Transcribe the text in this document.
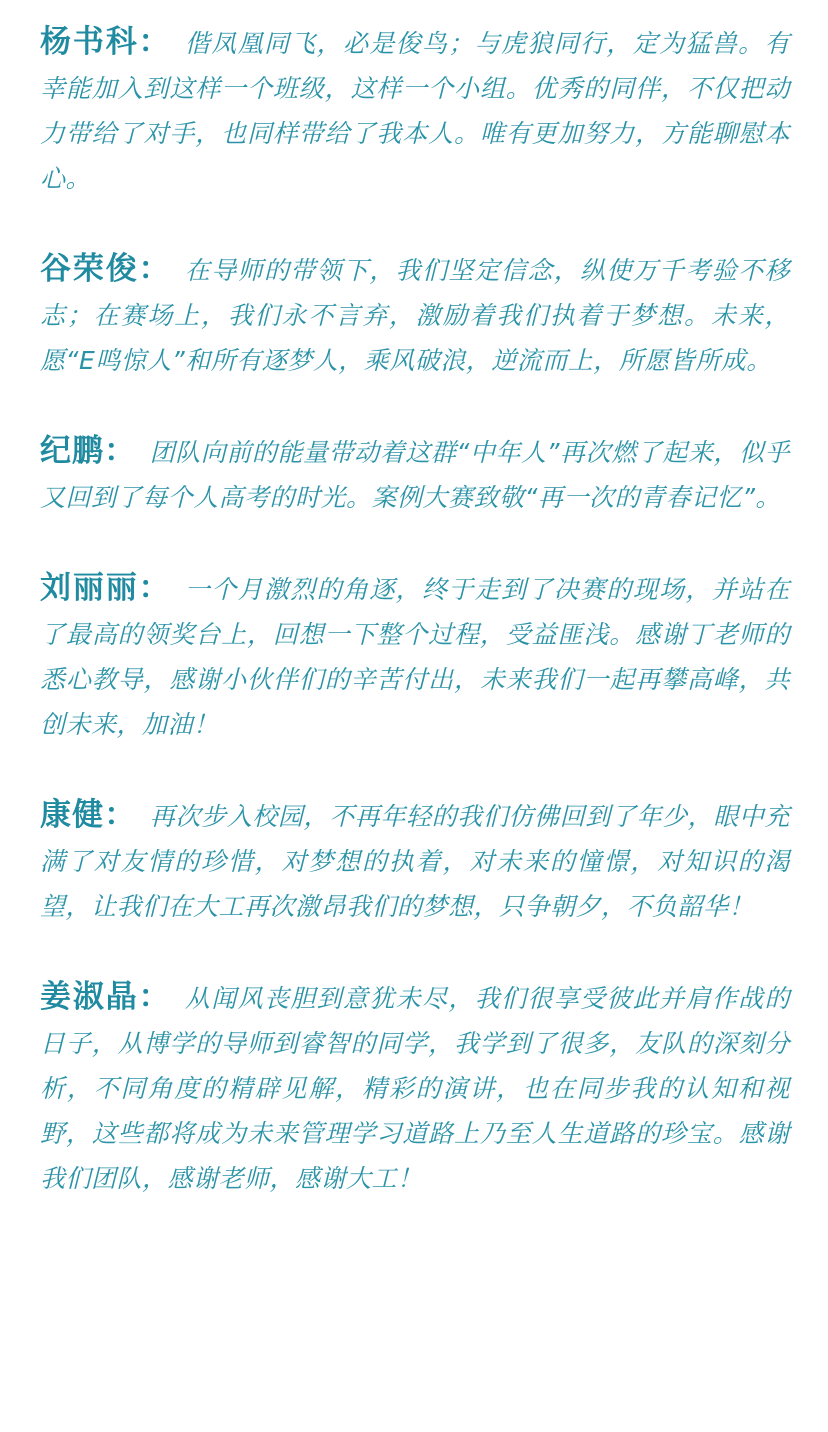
杨书科： 偕凤凰同飞，必是俊鸟；与虎狼同行，定为猛兽。有幸能加入到这样一个班级，这样一个小组。优秀的同伴，不仅把动力带给了对手，也同样带给了我本人。唯有更加努力，方能聊慰本心。

谷荣俊： 在导师的带领下，我们坚定信念，纵使万千考验不移志；在赛场上，我们永不言弃，激励着我们执着于梦想。未来，愿“E鸣惊人”和所有逐梦人，乘风破浪，逆流而上，所愿皆所成。

纪鹏： 团队向前的能量带动着这群“中年人”再次燃了起来，似乎又回到了每个人高考的时光。案例大赛致敬“再一次的青春记忆”。

刘丽丽： 一个月激烈的角逐，终于走到了决赛的现场，并站在了最高的领奖台上，回想一下整个过程，受益匪浅。感谢丁老师的悉心教导，感谢小伙伴们的辛苦付出，未来我们一起再攀高峰，共创未来，加油！

康健： 再次步入校园，不再年轻的我们仿佛回到了年少，眼中充满了对友情的珍惜，对梦想的执着，对未来的憧憬，对知识的渴望，让我们在大工再次激昂我们的梦想，只争朝夕，不负韶华！

姜淑晶： 从闻风丧胆到意犹未尽，我们很享受彼此并肩作战的日子，从博学的导师到睿智的同学，我学到了很多，友队的深刻分析，不同角度的精辟见解，精彩的演讲，也在同步我的认知和视野，这些都将成为未来管理学习道路上乃至人生道路的珍宝。感谢我们团队，感谢老师，感谢大工！
